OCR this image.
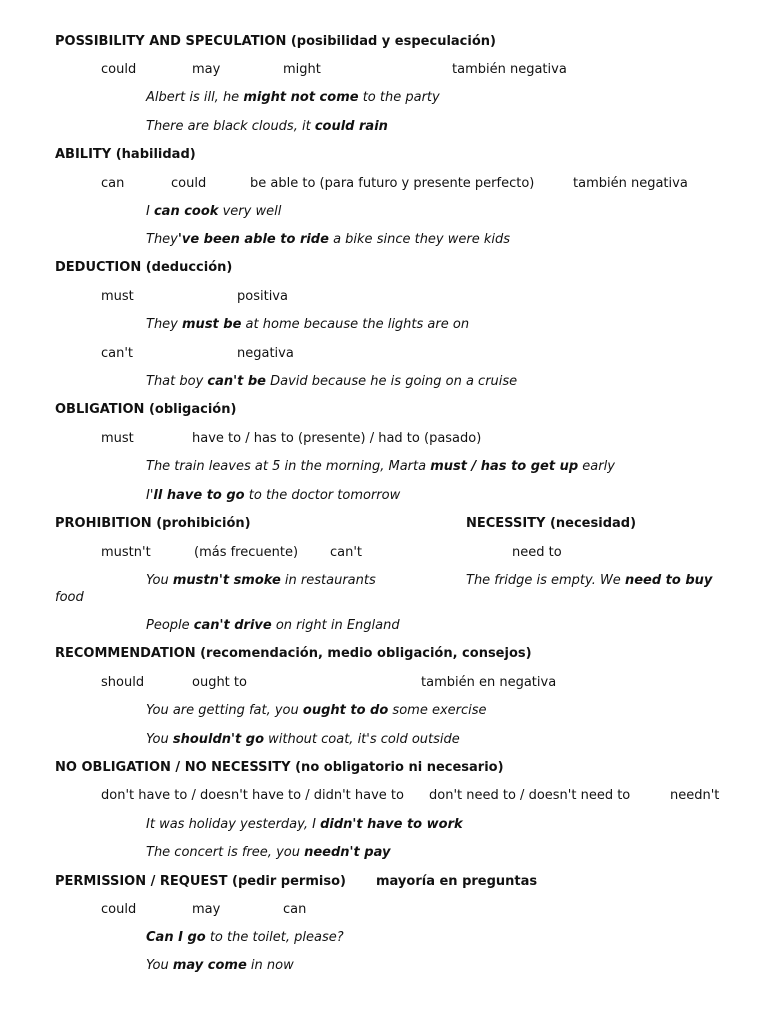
POSSIBILITY AND SPECULATION (posibilidad y especulación)
could	may	might	también negativa
Albert is ill, he might not come to the party
There are black clouds, it could rain
ABILITY (habilidad)
can	could	be able to (para futuro y presente perfecto)	también negativa
I can cook very well
They've been able to ride a bike since they were kids
DEDUCTION (deducción)
must	positiva
They must be at home because the lights are on
can't	negativa
That boy can't be David because he is going on a cruise
OBLIGATION (obligación)
must	have to / has to (presente) / had to (pasado)
The train leaves at 5 in the morning, Marta must / has to get up early
I'll have to go to the doctor tomorrow
PROHIBITION (prohibición)	NECESSITY (necesidad)
mustn't	(más frecuente) can't	need to
You mustn't smoke in restaurants	The fridge is empty. We need to buy
food
People can't drive on right in England
RECOMMENDATION (recomendación, medio obligación, consejos)
should	ought to	también en negativa
You are getting fat, you ought to do some exercise
You shouldn't go without coat, it's cold outside
NO OBLIGATION / NO NECESSITY (no obligatorio ni necesario)
don't have to / doesn't have to / didn't have to don't need to / doesn't need to	needn't
It was holiday yesterday, I didn't have to work
The concert is free, you needn't pay
PERMISSION / REQUEST (pedir permiso) mayoría en preguntas
could	may	can
Can I go to the toilet, please?
You may come in now
